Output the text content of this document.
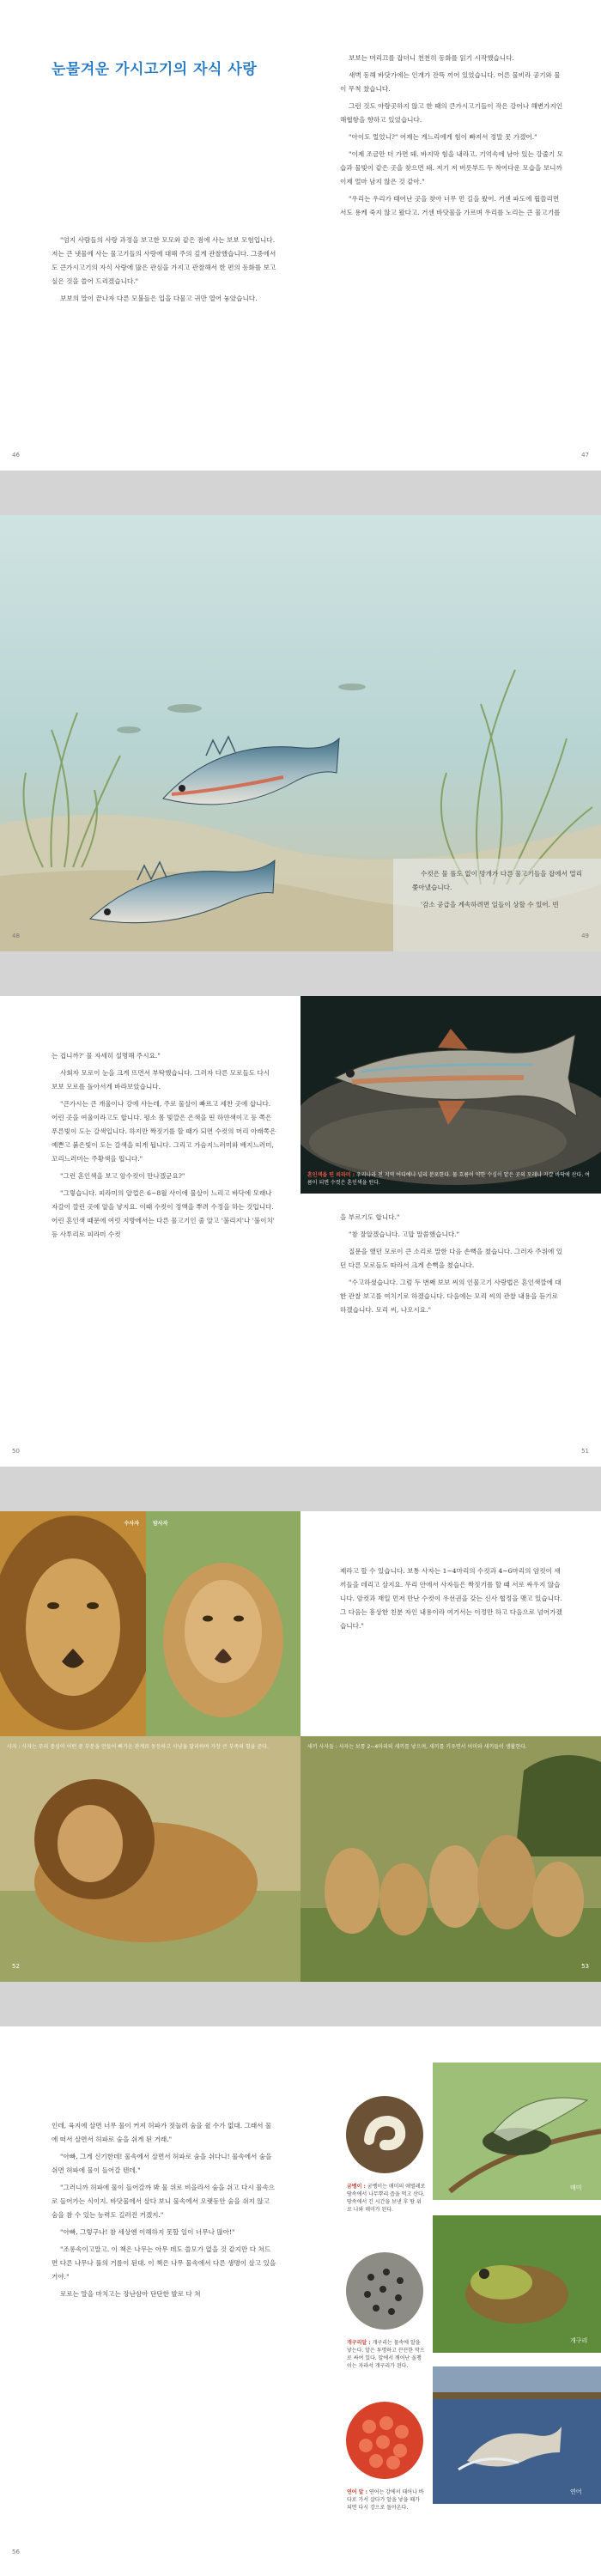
눈물겨운 가시고기의 자식 사랑

"엄지 사람들의 사랑 과정을 보고한 모모와 같은 점에 사는 보보 모험입니다. 저는 큰 냇물에 사는 물고기들의 사랑에 대해 주의 깊게 관찰했습니다. 그중에서도 큰가시고기의 자식 사랑에 많은 관심을 가지고 관찰해서 한 편의 동화를 보고 싶은 것을 쓸어 드리겠습니다."

보보의 말이 끝나자 다른 모불들은 입을 다물고 귀만 열어 놓았습니다.

46

보보는 머리끄를 잡더니 천천히 동화를 읽기 시작했습니다.

새벽 동해 바닷가에는 인개가 잔뜩 끼어 있었습니다. 어른 물비라 공기와 물이 무척 찼습니다.

그런 것도 아랑곳하지 않고 한 때의 큰가시고기들이 작은 강어나 해변가지인 해협항을 향하고 있었습니다.

"아이도 멀었니?" 어제는 게느리에게 힘이 빠져서 정말 못 가겠어."

"이제 조금만 더 가면 돼. 바지막 힘을 내라고. 기억속에 남아 있는 강줄기 모습과 물빛이 같은 곳을 찾으면 돼. 저기 저 버릇부드 두 착어다운 모습을 보니까 이제 얼마 남지 않은 것 같아."

"우리는 우리가 태어난 곳을 찾아 너무 먼 길을 왔어. 거센 파도에 휩쓸리면서도 용케 죽지 않고 왔다고. 거센 바닷물을 가르며 우리를 노리는 큰 물고기를

47

수컷은 물 풀도 없이 망개가 다른 물고기들을 잡에서 멀리 쫓아냈습니다.

'감소 공급을 계속하려면 일들이 상할 수 있어. 빈

48	49

는 겁니까?' 물 자세히 설명해 주시요."

사회자 모로이 눈을 크게 뜨면서 부탁했습니다. 그러자 다른 모로들도 다시 보보 모로를 돌아서게 바라보았습니다.

"큰가시는 큰 개울이나 강에 사는데, 주로 물살이 빠르고 세찬 곳에 삽니다. 어린 곳을 여울이라고도 합니다. 평소 몸 빛깔은 은색을 띤 하얀색이고 등 쪽은 푸른빛이 도는 갈색입니다. 하지만 짝짓기를 할 때가 되면 수컷의 머리 아래쪽은 예쁜고 붉은빛이 도는 갈색을 띠게 됩니다. 그리고 가슴지느러미와 배지느러미, 꼬리느러미는 주황색을 띱니다."

"그런 혼인색을 보고 암수컷이 만나겠군요?"

"그렇습니다. 피라미의 알껍은 6~8월 사이에 물살이 느리고 바닥에 모래나 자갈이 깔린 곳에 알을 낳지요. 이때 수컷이 정액을 뿌려 수정을 하는 것입니다. 어린 혼인색 때문에 여럿 지방에서는 다른 물고기인 줄 알고 '불리지'나 '불이치' 등 사투리로 피라미 수컷

50
혼인색을 띤 피라미 : 우리나라 전 지역 어디에나 널리 분포한다. 물 흐름이 약한 수심이 얕은 곳의 모래나 자갈 바닥에 산다. 여름이 되면 수컷은 혼인색을 띤다.

을 부르기도 합니다."

"참 잘알겠습니다. 고맙 말씀했습니다."

질문을 했던 모로이 큰 소리로 말한 다음 손뼉을 쳤습니다. 그러자 주위에 있던 다른 모로들도 따라서 크게 손뼉을 쳤습니다.

"수고하셨습니다. 그럼 두 번째 보보 씨의 인물고기 사랑법은 혼인색깔에 대한 관찰 보고를 여치기로 하겠습니다. 다음에는 모리 씨의 관찰 내용을 듣기로 하겠습니다. 모리 씨, 나오시요."

51
수사자	암사자

제라고 할 수 있습니다. 보통 사자는 1~4마리의 수컷과 4~6마리의 암컷이 새끼들을 데리고 살지요. 무리 안에서 사자들은 짝짓기를 할 때 서로 싸우지 않습니다. 암컷과 재일 먼저 만난 수컷이 우선권을 갖는 신사 협정을 맺고 있습니다. 그 다음는 흥상한 친분 자인 내용이라 여기서는 이정만 하고 다음으로 넘어가겠습니다."

사자 : 사자는 무리 중심이 어떤 중 부분을 만들어 빠가운 관계로 동등하고 사냥을 달리하며 가장 큰 부족의 힘을 준다.
52
새끼 사자들 : 사자는 보통 2~4마리의 새끼를 낳으며, 새끼를 키우면서 어미와 새끼들이 생활한다.
53

인데, 육지에 살면 너무 물이 커져 허파가 짓눌려 숨을 쉴 수가 없대. 그래서 물에 떠서 살면서 허파로 숨을 쉬게 된 거래."

"아빠, 그게 신기한데! 물속에서 살면서 허파로 숨을 쉬다니! 물속에서 숨을 쉬면 허파에 물이 들어갈 텐데."

"그러니까 허파에 물이 들어갈까 봐 물 위로 비을라서 숨을 쉬고 다시 물속으로 들어가는 식이지. 바닷물에서 살다 보니 물속에서 오랫동안 숨을 쉬지 않고 숨을 참 수 있는 능력도 길러진 거겠지."

"아빠, 그렇구나! 참 세상엔 이해하지 못할 일이 너무나 많아!"

"조롱속이고말고. 이 책은 나무는 아무 데도 쓸모가 없을 것 같지만 다 쳐드면 다른 나무나 풀의 거름이 된대. 이 책은 나무 물속에서 다른 생명이 살고 있을거야."

로로는 말을 마치고는 장난삼아 단단한 발로 다 쳐

56
굼벵이 : 굼벵이는 매미의 애벌레로 땅속에서 나무뿌리 즙을 먹고 산다. 땅속에서 긴 시간을 보낸 후 땅 위로 나와 매미가 된다.
매미
개구리알 : 개구리는 물속에 알을 낳는다. 알은 투명하고 끈끈한 막으로 싸여 있다. 알에서 깨어난 올챙이는 자라서 개구리가 된다.
개구리
연어 알 : 연어는 강에서 태어나 바다로 가서 살다가 알을 낳을 때가 되면 다시 강으로 돌아온다.
연어
